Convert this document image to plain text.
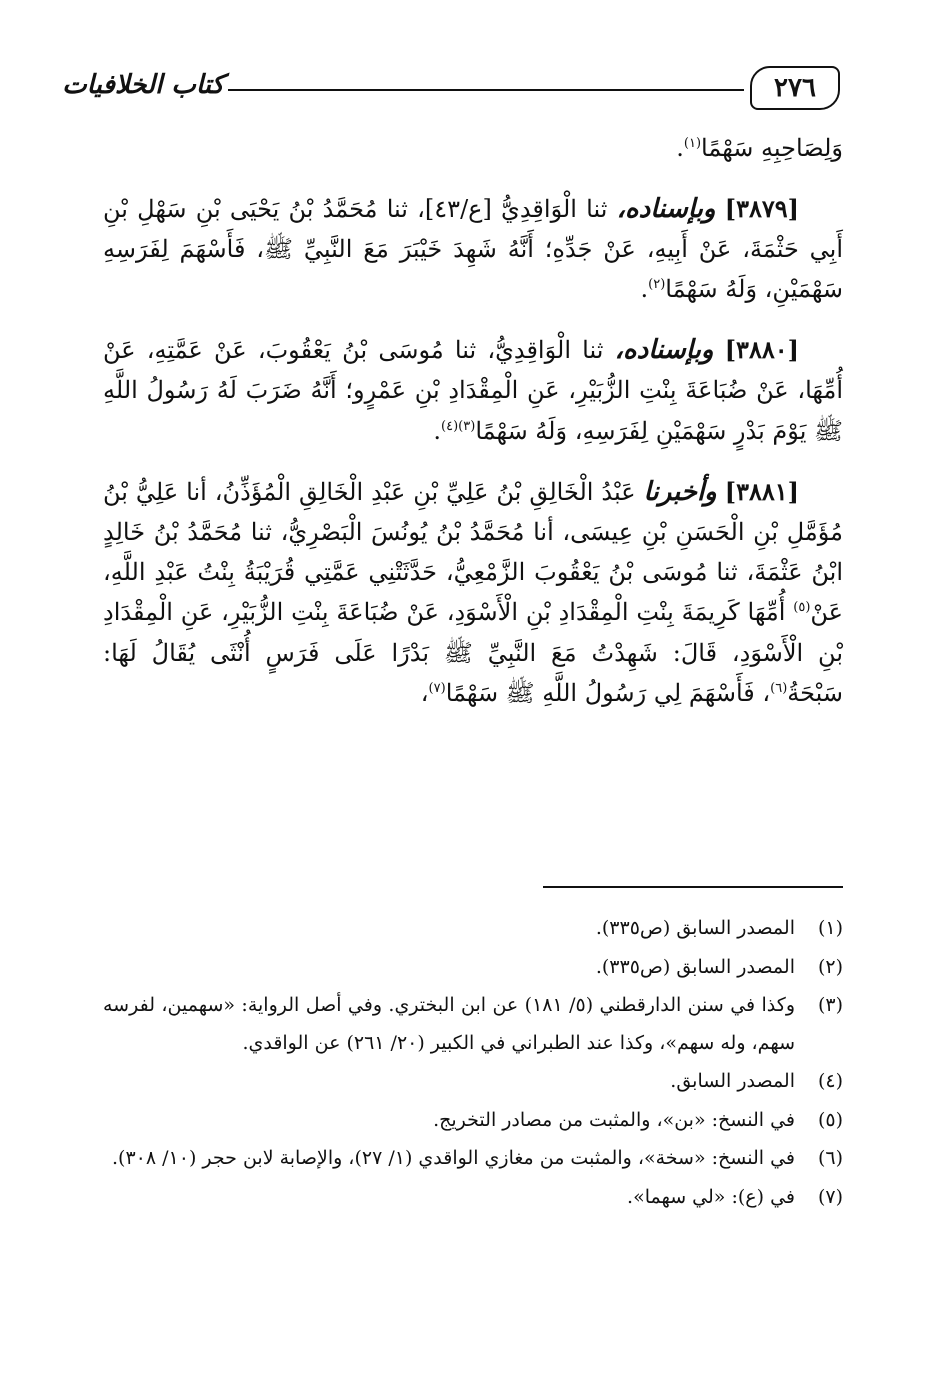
٢٧٦
كتاب الخلافيات

وَلِصَاحِبِهِ سَهْمًا$^{(١)}$.

[٣٨٧٩] وبإسناده، ثنا الْوَاقِدِيُّ [ع/٤٣]، ثنا مُحَمَّدُ بْنُ يَحْيَى بْنِ سَهْلِ بْنِ أَبِي حَثْمَةَ، عَنْ أَبِيهِ، عَنْ جَدِّهِ؛ أَنَّهُ شَهِدَ خَيْبَرَ مَعَ النَّبِيِّ ﷺ، فَأَسْهَمَ لِفَرَسِهِ سَهْمَيْنِ، وَلَهُ سَهْمًا$^{(٢)}$.

[٣٨٨٠] وبإسناده، ثنا الْوَاقِدِيُّ، ثنا مُوسَى بْنُ يَعْقُوبَ، عَنْ عَمَّتِهِ، عَنْ أُمِّهَا، عَنْ ضُبَاعَةَ بِنْتِ الزُّبَيْرِ، عَنِ الْمِقْدَادِ بْنِ عَمْرٍو؛ أَنَّهُ ضَرَبَ لَهُ رَسُولُ اللَّهِ ﷺ يَوْمَ بَدْرٍ سَهْمَيْنِ لِفَرَسِهِ، وَلَهُ سَهْمًا$^{(٣)(٤)}$.

[٣٨٨١] وأخبرنا عَبْدُ الْخَالِقِ بْنُ عَلِيِّ بْنِ عَبْدِ الْخَالِقِ الْمُؤَذِّنُ، أنا عَلِيُّ بْنُ مُؤَمَّلِ بْنِ الْحَسَنِ بْنِ عِيسَى، أنا مُحَمَّدُ بْنُ يُونُسَ الْبَصْرِيُّ، ثنا مُحَمَّدُ بْنُ خَالِدٍ ابْنُ عَثْمَةَ، ثنا مُوسَى بْنُ يَعْقُوبَ الزَّمْعِيُّ، حَدَّثَتْنِي عَمَّتِي قُرَيْبَةُ بِنْتُ عَبْدِ اللَّهِ، عَنْ$^{(٥)}$ أُمِّهَا كَرِيمَةَ بِنْتِ الْمِقْدَادِ بْنِ الْأَسْوَدِ، عَنْ ضُبَاعَةَ بِنْتِ الزُّبَيْرِ، عَنِ الْمِقْدَادِ بْنِ الْأَسْوَدِ، قَالَ: شَهِدْتُ مَعَ النَّبِيِّ ﷺ بَدْرًا عَلَى فَرَسٍ أُنْثَى يُقَالُ لَهَا: سَبْحَةُ$^{(٦)}$، فَأَسْهَمَ لِي رَسُولُ اللَّهِ ﷺ سَهْمًا$^{(٧)}$،

(١)
المصدر السابق (ص٣٣٥).
(٢)
المصدر السابق (ص٣٣٥).
(٣)
وكذا في سنن الدارقطني (٥/ ١٨١) عن ابن البختري. وفي أصل الرواية: «سهمين، لفرسه سهم، وله سهم»، وكذا عند الطبراني في الكبير (٢٠/ ٢٦١) عن الواقدي.
(٤)
المصدر السابق.
(٥)
في النسخ: «بن»، والمثبت من مصادر التخريج.
(٦)
في النسخ: «سخة»، والمثبت من مغازي الواقدي (١/ ٢٧)، والإصابة لابن حجر (١٠/ ٣٠٨).
(٧)
في (ع): «لي سهما».
